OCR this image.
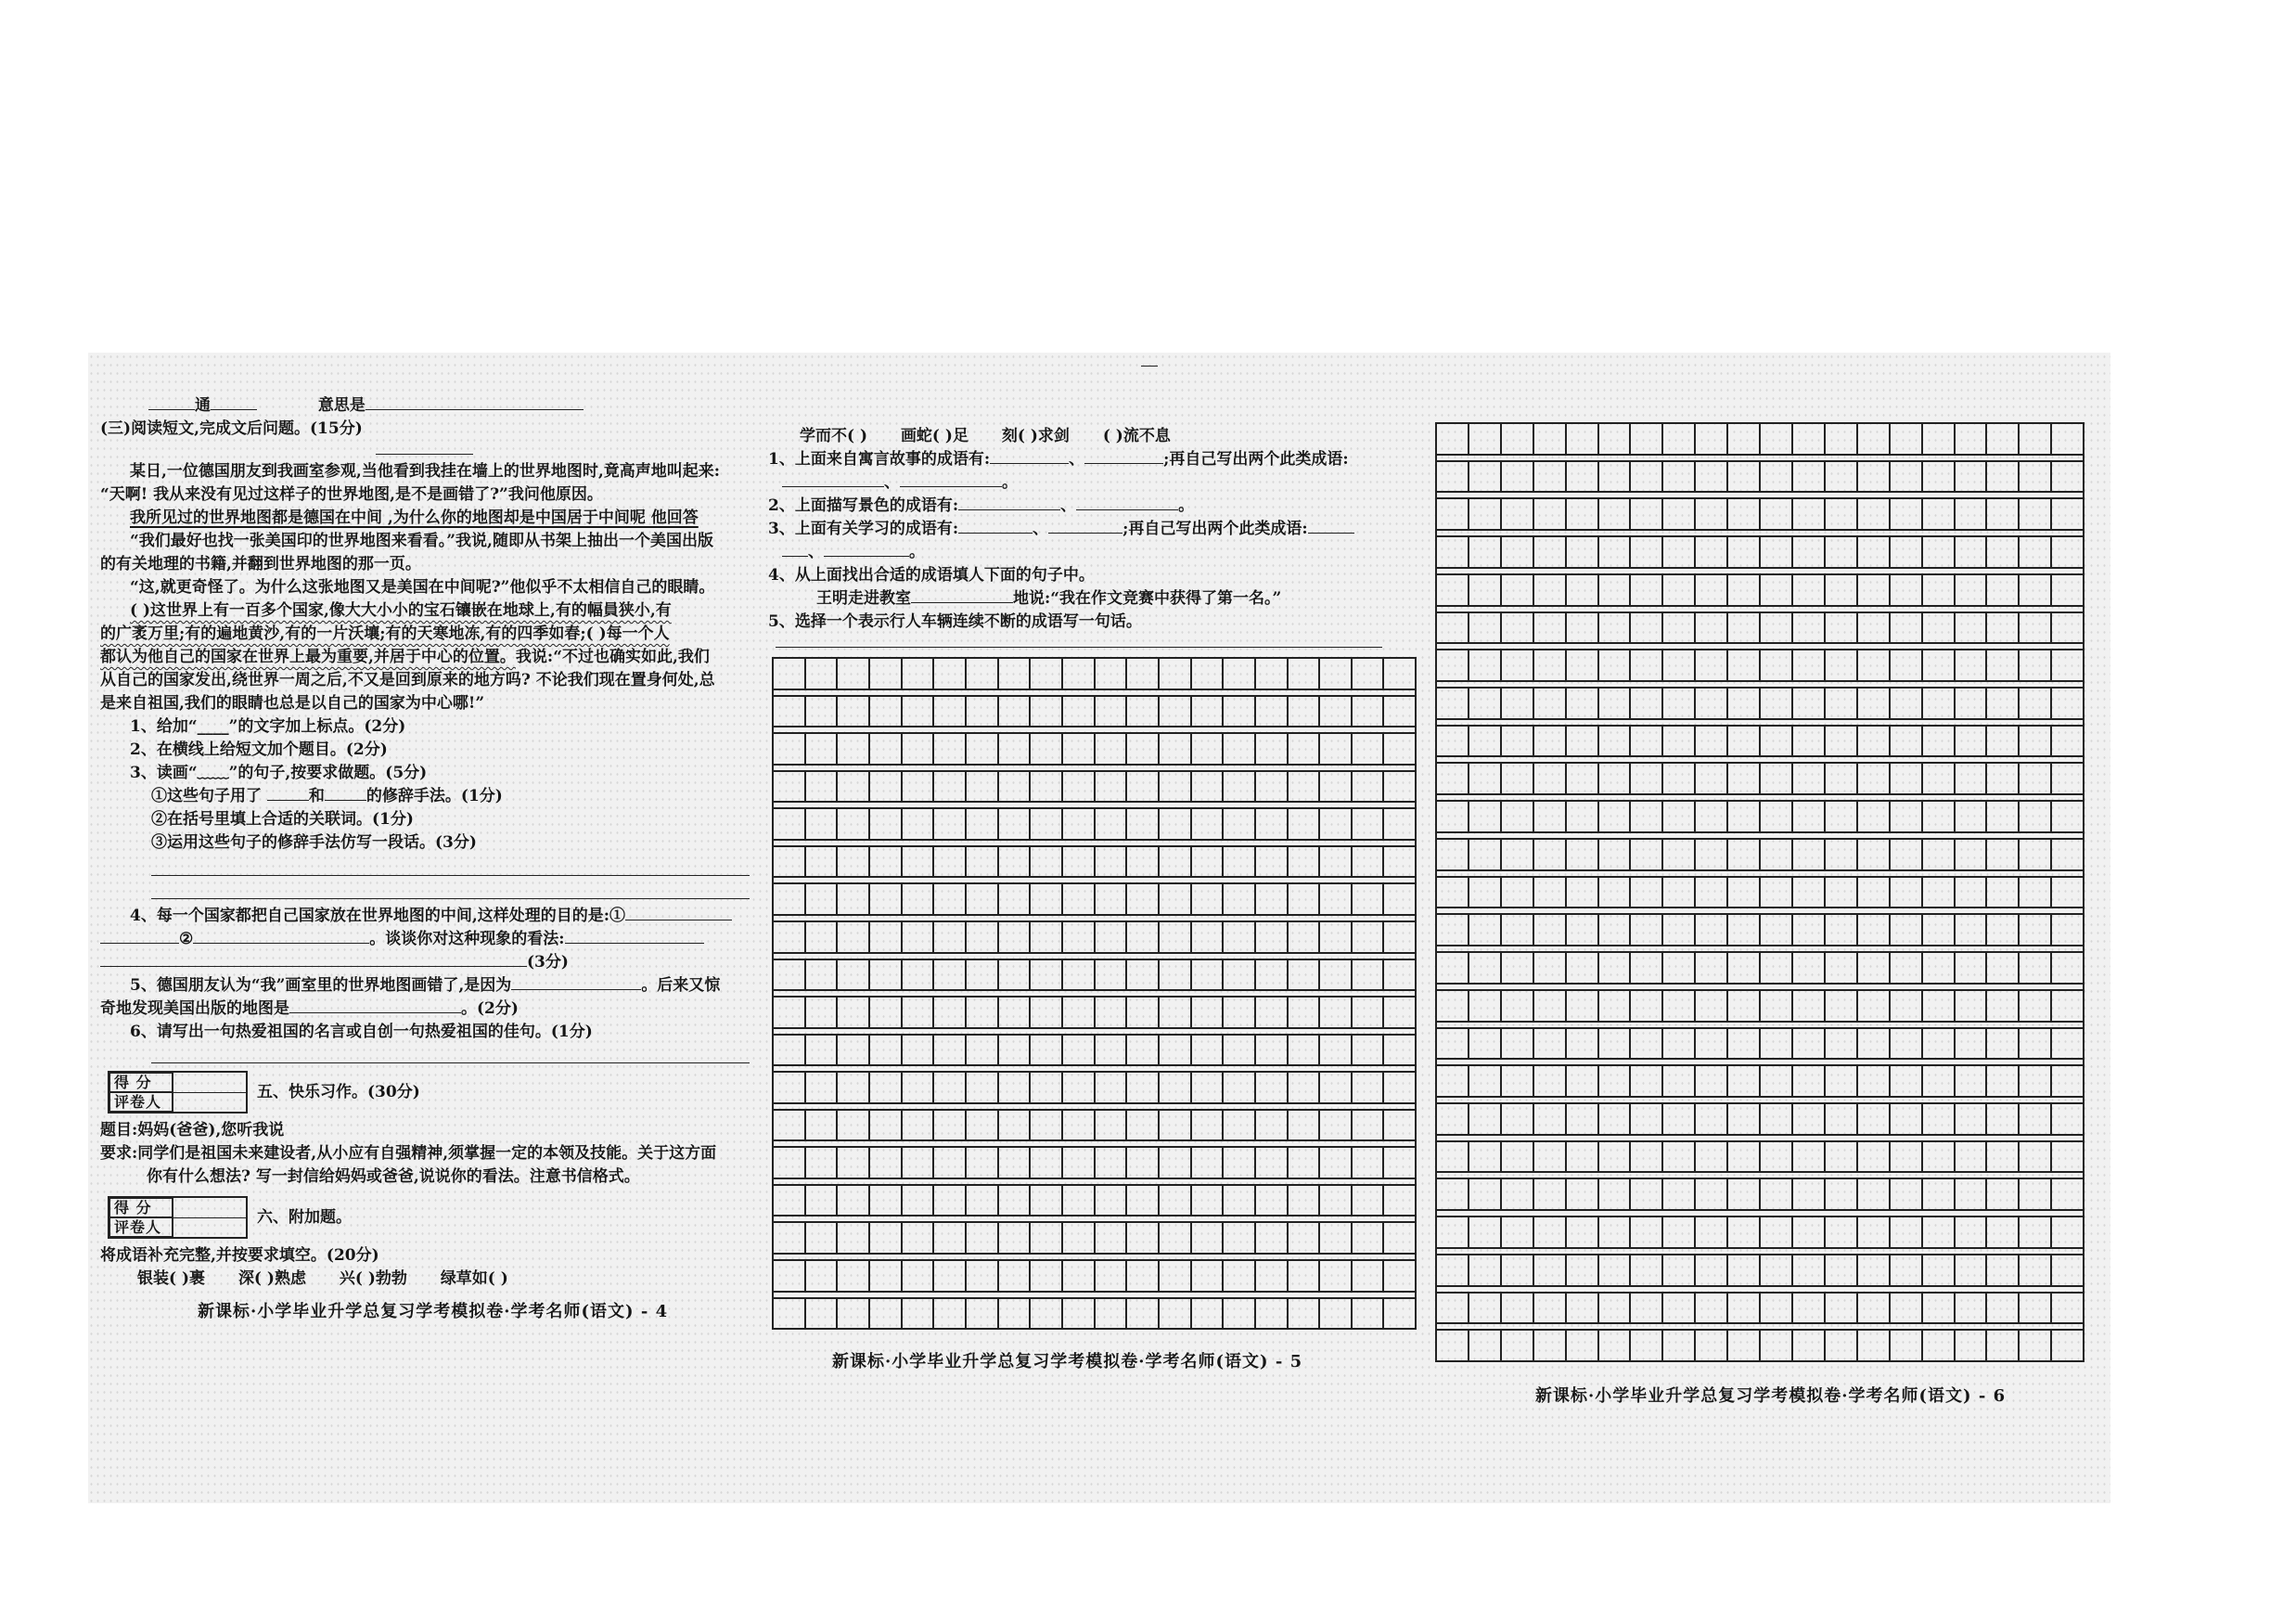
通	意思是
(三)阅读短文,完成文后问题。(15分)
某日,一位德国朋友到我画室参观,当他看到我挂在墙上的世界地图时,竟高声地叫起来:
“天啊! 我从来没有见过这样子的世界地图,是不是画错了?”我问他原因。
我所见过的世界地图都是德国在中间 ,为什么你的地图却是中国居于中间呢 他回答
“我们最好也找一张美国印的世界地图来看看。”我说,随即从书架上抽出一个美国出版
的有关地理的书籍,并翻到世界地图的那一页。
“这,就更奇怪了。为什么这张地图又是美国在中间呢?”他似乎不太相信自己的眼睛。
( )这世界上有一百多个国家,像大大小小的宝石镶嵌在地球上,有的幅員狭小,有
的广袤万里;有的遍地黄沙,有的一片沃壤;有的天寒地冻,有的四季如春;( )每一个人
都认为他自己的国家在世界上最为重要,并居于中心的位置。我说:“不过也确实如此,我们
从自己的国家发出,绕世界一周之后,不又是回到原来的地方吗? 不论我们现在置身何处,总
是来自祖国,我们的眼睛也总是以自己的国家为中心哪!”
1、给加“____”的文字加上标点。(2分)
2、在横线上给短文加个题目。(2分)
3、读画“﹏﹏”的句子,按要求做题。(5分)
①这些句子用了	和	的修辞手法。(1分)
②在括号里填上合适的关联词。(1分)
③运用这些句子的修辞手法仿写一段话。(3分)
4、每一个国家都把自己国家放在世界地图的中间,这样处理的目的是:①
②	。谈谈你对这种现象的看法:
(3分)
5、德国朋友认为“我”画室里的世界地图画错了,是因为	。后来又惊
奇地发现美国出版的地图是	。(2分)
6、请写出一句热爱祖国的名言或自创一句热爱祖国的佳句。(1分)
得 分

评卷人
五、快乐习作。(30分)
题目:妈妈(爸爸),您听我说
要求:同学们是祖国未来建设者,从小应有自强精神,须掌握一定的本领及技能。关于这方面
你有什么想法? 写一封信给妈妈或爸爸,说说你的看法。注意书信格式。
得 分

评卷人
六、附加题。
将成语补充完整,并按要求填空。(20分)
银装( )裹 深( )熟虑 兴( )勃勃 绿草如( )
新课标·小学毕业升学总复习学考模拟卷·学考名师(语文) - 4
学而不( ) 画蛇( )足 刻( )求剑 ( )流不息
1、上面来自寓言故事的成语有:	、	;再自己写出两个此类成语:
、	。
2、上面描写景色的成语有:	、	。
3、上面有关学习的成语有:	、	;再自己写出两个此类成语:
、	。
4、从上面找出合适的成语填人下面的句子中。
王明走进教室	地说:“我在作文竞赛中获得了第一名。”
5、选择一个表示行人车辆连续不断的成语写一句话。
新课标·小学毕业升学总复习学考模拟卷·学考名师(语文) - 5
新课标·小学毕业升学总复习学考模拟卷·学考名师(语文) - 6
